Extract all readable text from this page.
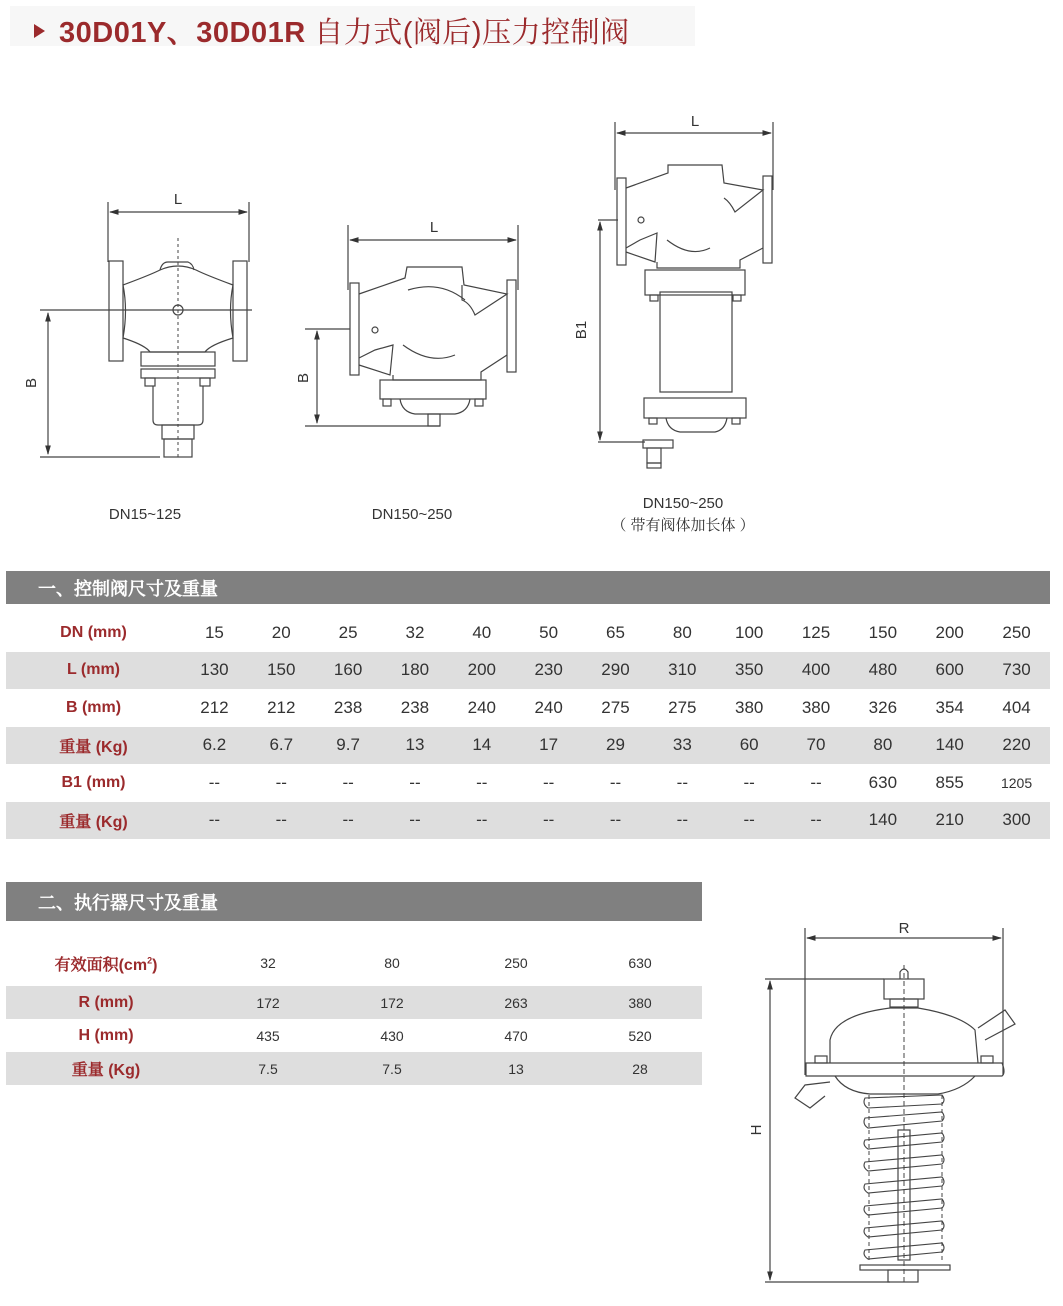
30D01Y、30D01R 自力式(阀后)压力控制阀
L
B
L
B
L
B1
R
H
DN15~125	DN150~250
DN150~250
（ 带有阀体加长体 ）
一、控制阀尺寸及重量
DN (mm)	15	20	25	32	40	50	65	80	100	125	150	200	250
L (mm)	130	150	160	180	200	230	290	310	350	400	480	600	730
B (mm)	212	212	238	238	240	240	275	275	380	380	326	354	404
重量 (Kg)	6.2	6.7	9.7	13	14	17	29	33	60	70	80	140	220
B1 (mm)	--	--	--	--	--	--	--	--	--	--	630	855	1205
重量 (Kg)	--	--	--	--	--	--	--	--	--	--	140	210	300
二、执行器尺寸及重量
有效面积$(cm^2)$	32	80	250	630
R (mm)	172	172	263	380
H (mm)	435	430	470	520
重量 (Kg)	7.5	7.5	13	28
